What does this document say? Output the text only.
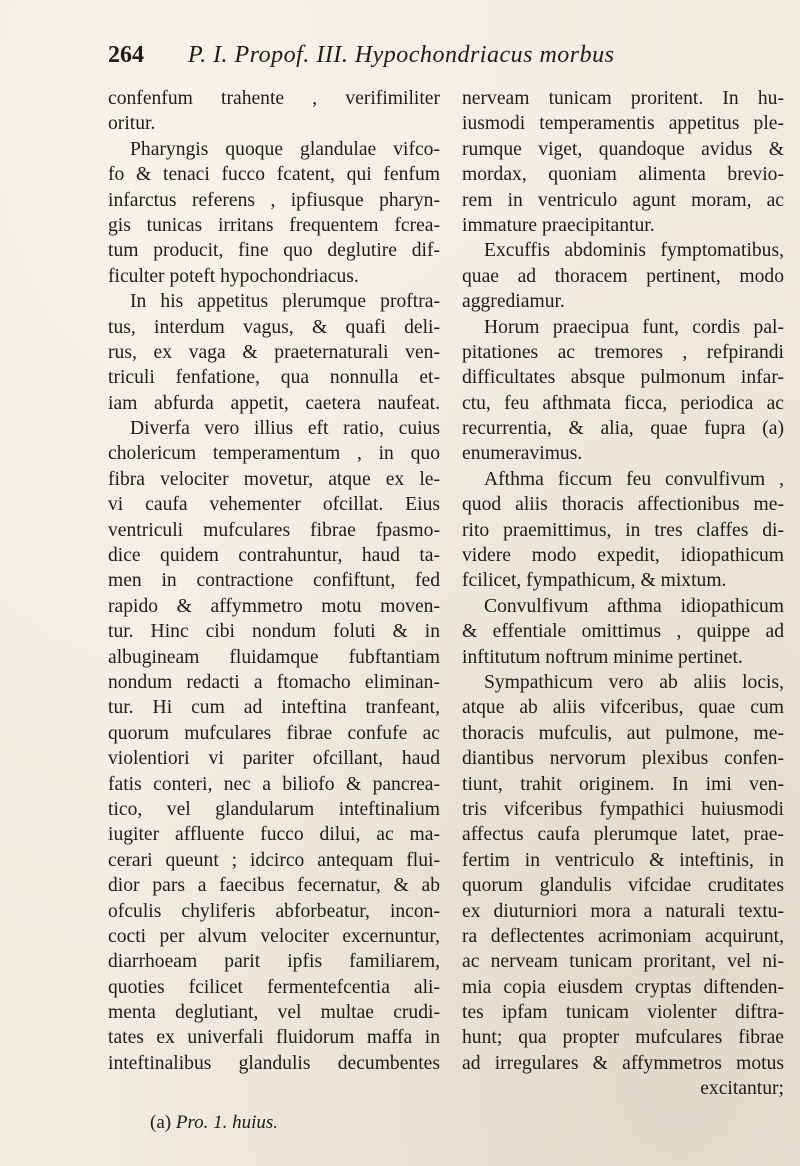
264 P. I. Propof. III. Hypochondriacus morbus
confenfum trahente , verifimiliter
oritur.
Pharyngis quoque glandulae vifco-
fo & tenaci fucco fcatent, qui fenfum
infarctus referens , ipfiusque pharyn-
gis tunicas irritans frequentem fcrea-
tum producit, fine quo deglutire dif-
ficulter poteft hypochondriacus.
In his appetitus plerumque proftra-
tus, interdum vagus, & quafi deli-
rus, ex vaga & praeternaturali ven-
triculi fenfatione, qua nonnulla et-
iam abfurda appetit, caetera naufeat.
Diverfa vero illius eft ratio, cuius
cholericum temperamentum , in quo
fibra velociter movetur, atque ex le-
vi caufa vehementer ofcillat. Eius
ventriculi mufculares fibrae fpasmo-
dice quidem contrahuntur, haud ta-
men in contractione confiftunt, fed
rapido & affymmetro motu moven-
tur. Hinc cibi nondum foluti & in
albugineam fluidamque fubftantiam
nondum redacti a ftomacho eliminan-
tur. Hi cum ad inteftina tranfeant,
quorum mufculares fibrae confufe ac
violentiori vi pariter ofcillant, haud
fatis conteri, nec a biliofo & pancrea-
tico, vel glandularum inteftinalium
iugiter affluente fucco dilui, ac ma-
cerari queunt ; idcirco antequam flui-
dior pars a faecibus fecernatur, & ab
ofculis chyliferis abforbeatur, incon-
cocti per alvum velociter excernuntur,
diarrhoeam parit ipfis familiarem,
quoties fcilicet fermentefcentia ali-
menta deglutiant, vel multae crudi-
tates ex univerfali fluidorum maffa in
inteftinalibus glandulis decumbentes
nerveam tunicam proritent. In hu-
iusmodi temperamentis appetitus ple-
rumque viget, quandoque avidus &
mordax, quoniam alimenta brevio-
rem in ventriculo agunt moram, ac
immature praecipitantur.
Excuffis abdominis fymptomatibus,
quae ad thoracem pertinent, modo
aggrediamur.
Horum praecipua funt, cordis pal-
pitationes ac tremores , refpirandi
difficultates absque pulmonum infar-
ctu, feu afthmata ficca, periodica ac
recurrentia, & alia, quae fupra (a)
enumeravimus.
Afthma ficcum feu convulfivum ,
quod aliis thoracis affectionibus me-
rito praemittimus, in tres claffes di-
videre modo expedit, idiopathicum
fcilicet, fympathicum, & mixtum.
Convulfivum afthma idiopathicum
& effentiale omittimus , quippe ad
inftitutum noftrum minime pertinet.
Sympathicum vero ab aliis locis,
atque ab aliis vifceribus, quae cum
thoracis mufculis, aut pulmone, me-
diantibus nervorum plexibus confen-
tiunt, trahit originem. In imi ven-
tris vifceribus fympathici huiusmodi
affectus caufa plerumque latet, prae-
fertim in ventriculo & inteftinis, in
quorum glandulis vifcidae cruditates
ex diuturniori mora a naturali textu-
ra deflectentes acrimoniam acquirunt,
ac nerveam tunicam proritant, vel ni-
mia copia eiusdem cryptas diftenden-
tes ipfam tunicam violenter diftra-
hunt; qua propter mufculares fibrae
ad irregulares & affymmetros motus
excitantur;
(a) Pro. 1. huius.
